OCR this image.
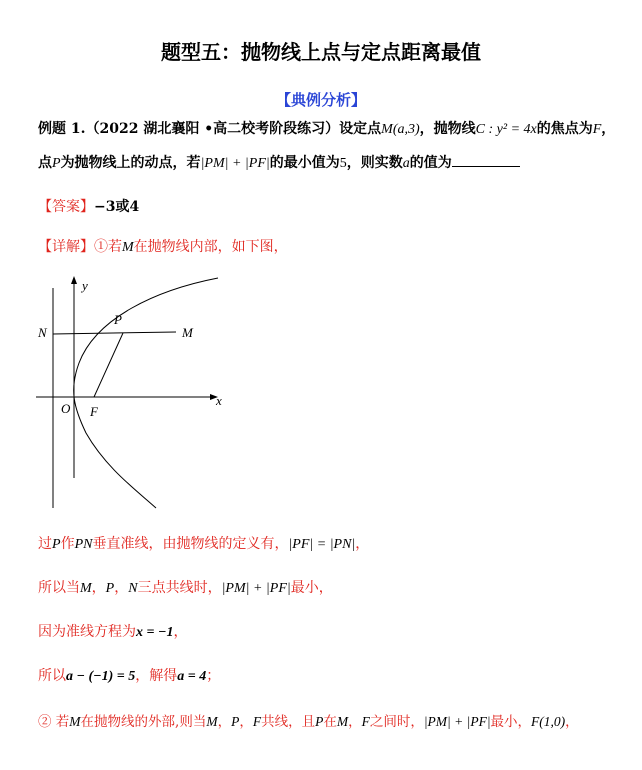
题型五：抛物线上点与定点距离最值
【典例分析】
例题 1.（2022 湖北襄阳 •高二校考阶段练习）设定点M(a,3)，抛物线C : y² = 4x的焦点为F，
点P为抛物线上的动点，若|PM| + |PF|的最小值为5，则实数a的值为
【答案】−3或4
【详解】①若M在抛物线内部，如下图，
y
x
N	M
P
O F
过P作PN垂直准线，由抛物线的定义有，|PF| = |PN|，
所以当M，P，N三点共线时，|PM| + |PF|最小，
因为准线方程为x = −1，
所以a − (−1) = 5，解得a = 4；
② 若M在抛物线的外部,则当M，P，F共线，且P在M，F之间时，|PM| + |PF|最小，F(1,0)，
